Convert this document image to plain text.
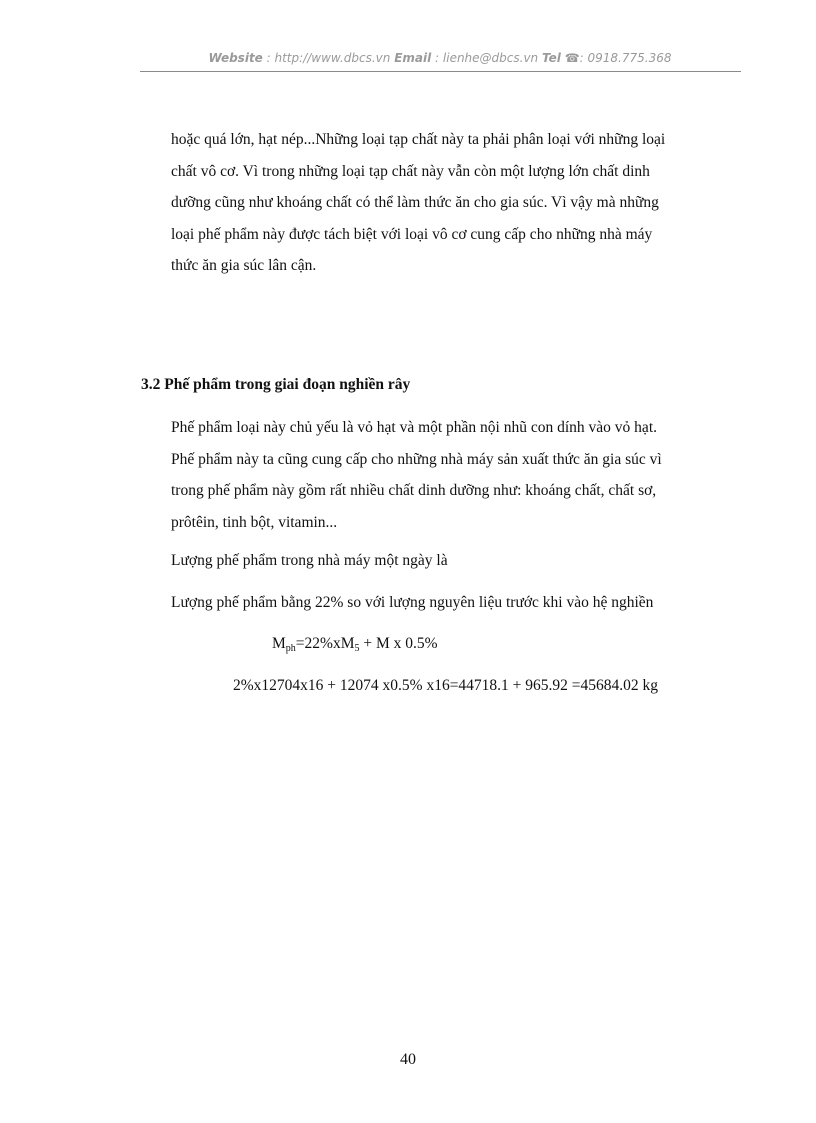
Website : http://www.dbcs.vn Email : lienhe@dbcs.vn Tel ☎: 0918.775.368
hoặc quá lớn, hạt nép...Những loại tạp chất này ta phải phân loại với những loại
chất vô cơ. Vì trong những loại tạp chất này vẫn còn một lượng lớn chất dinh
dưỡng cũng như khoáng chất có thể làm thức ăn cho gia súc. Vì vậy mà những
loại phế phẩm này được tách biệt với loại vô cơ cung cấp cho những nhà máy
thức ăn gia súc lân cận.
3.2 Phế phẩm trong giai đoạn nghiền rây
Phế phẩm loại này chủ yếu là vỏ hạt và một phần nội nhũ con dính vào vỏ hạt.
Phế phẩm này ta cũng cung cấp cho những nhà máy sản xuất thức ăn gia súc vì
trong phế phẩm này gồm rất nhiều chất dinh dưỡng như: khoáng chất, chất sơ,
prôtêin, tinh bột, vitamin...
Lượng phế phẩm trong nhà máy một ngày là
Lượng phế phẩm bằng 22% so với lượng nguyên liệu trước khi vào hệ nghiền
$M_{ph}=22\%xM_5 + M$ x 0.5%
2%x12704x16 + 12074 x0.5% x16=44718.1 + 965.92 =45684.02 kg
40
